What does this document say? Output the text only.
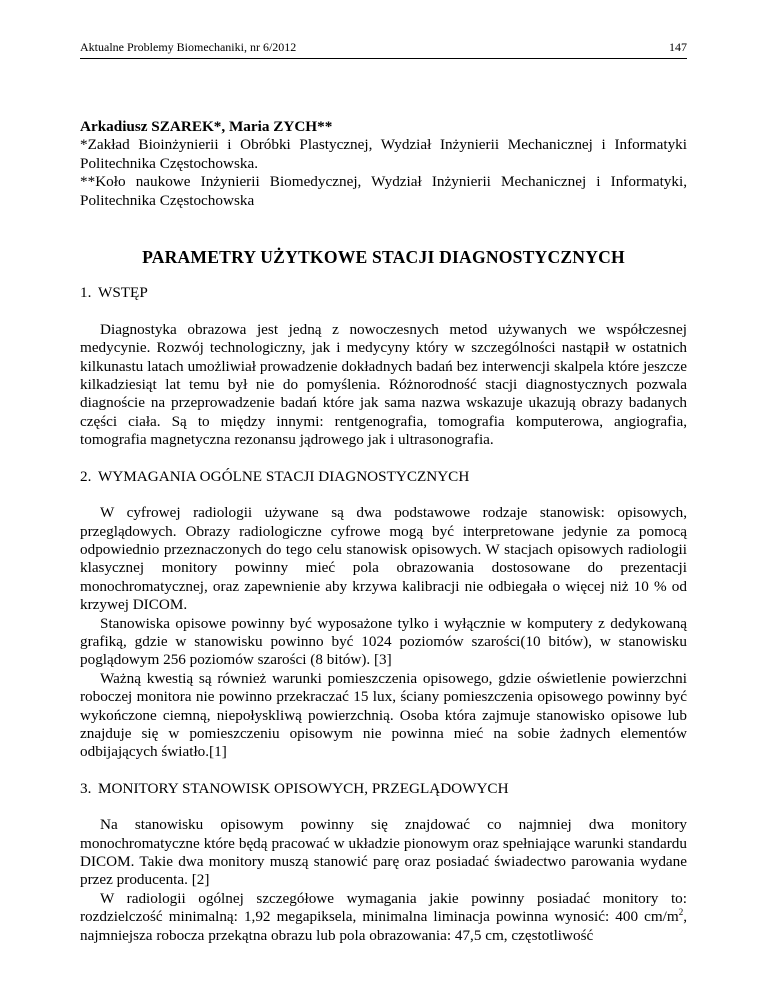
Aktualne Problemy Biomechaniki, nr 6/2012	147
Arkadiusz SZAREK*, Maria ZYCH**
*Zakład Bioinżynierii i Obróbki Plastycznej, Wydział Inżynierii Mechanicznej i Informatyki Politechnika Częstochowska.
**Koło naukowe Inżynierii Biomedycznej, Wydział Inżynierii Mechanicznej i Informatyki, Politechnika Częstochowska
PARAMETRY UŻYTKOWE STACJI DIAGNOSTYCZNYCH
1. WSTĘP

Diagnostyka obrazowa jest jedną z nowoczesnych metod używanych we współczesnej medycynie. Rozwój technologiczny, jak i medycyny który w szczególności nastąpił w ostatnich kilkunastu latach umożliwiał prowadzenie dokładnych badań bez interwencji skalpela które jeszcze kilkadziesiąt lat temu był nie do pomyślenia. Różnorodność stacji diagnostycznych pozwala diagnoście na przeprowadzenie badań które jak sama nazwa wskazuje ukazują obrazy badanych części ciała. Są to między innymi: rentgenografia, tomografia komputerowa, angiografia, tomografia magnetyczna rezonansu jądrowego jak i ultrasonografia.

2. WYMAGANIA OGÓLNE STACJI DIAGNOSTYCZNYCH

W cyfrowej radiologii używane są dwa podstawowe rodzaje stanowisk: opisowych, przeglądowych. Obrazy radiologiczne cyfrowe mogą być interpretowane jedynie za pomocą odpowiednio przeznaczonych do tego celu stanowisk opisowych. W stacjach opisowych radiologii klasycznej monitory powinny mieć pola obrazowania dostosowane do prezentacji monochromatycznej, oraz zapewnienie aby krzywa kalibracji nie odbiegała o więcej niż 10 % od krzywej DICOM.

Stanowiska opisowe powinny być wyposażone tylko i wyłącznie w komputery z dedykowaną grafiką, gdzie w stanowisku powinno być 1024 poziomów szarości(10 bitów), w stanowisku poglądowym 256 poziomów szarości (8 bitów). [3]

Ważną kwestią są również warunki pomieszczenia opisowego, gdzie oświetlenie powierzchni roboczej monitora nie powinno przekraczać 15 lux, ściany pomieszczenia opisowego powinny być wykończone ciemną, niepołyskliwą powierzchnią. Osoba która zajmuje stanowisko opisowe lub znajduje się w pomieszczeniu opisowym nie powinna mieć na sobie żadnych elementów odbijających światło.[1]

3. MONITORY STANOWISK OPISOWYCH, PRZEGLĄDOWYCH

Na stanowisku opisowym powinny się znajdować co najmniej dwa monitory monochromatyczne które będą pracować w układzie pionowym oraz spełniające warunki standardu DICOM. Takie dwa monitory muszą stanowić parę oraz posiadać świadectwo parowania wydane przez producenta. [2]

W radiologii ogólnej szczegółowe wymagania jakie powinny posiadać monitory to: rozdzielczość minimalną: 1,92 megapiksela, minimalna liminacja powinna wynosić: 400 $cm/m^2$, najmniejsza robocza przekątna obrazu lub pola obrazowania: 47,5 cm, częstotliwość
